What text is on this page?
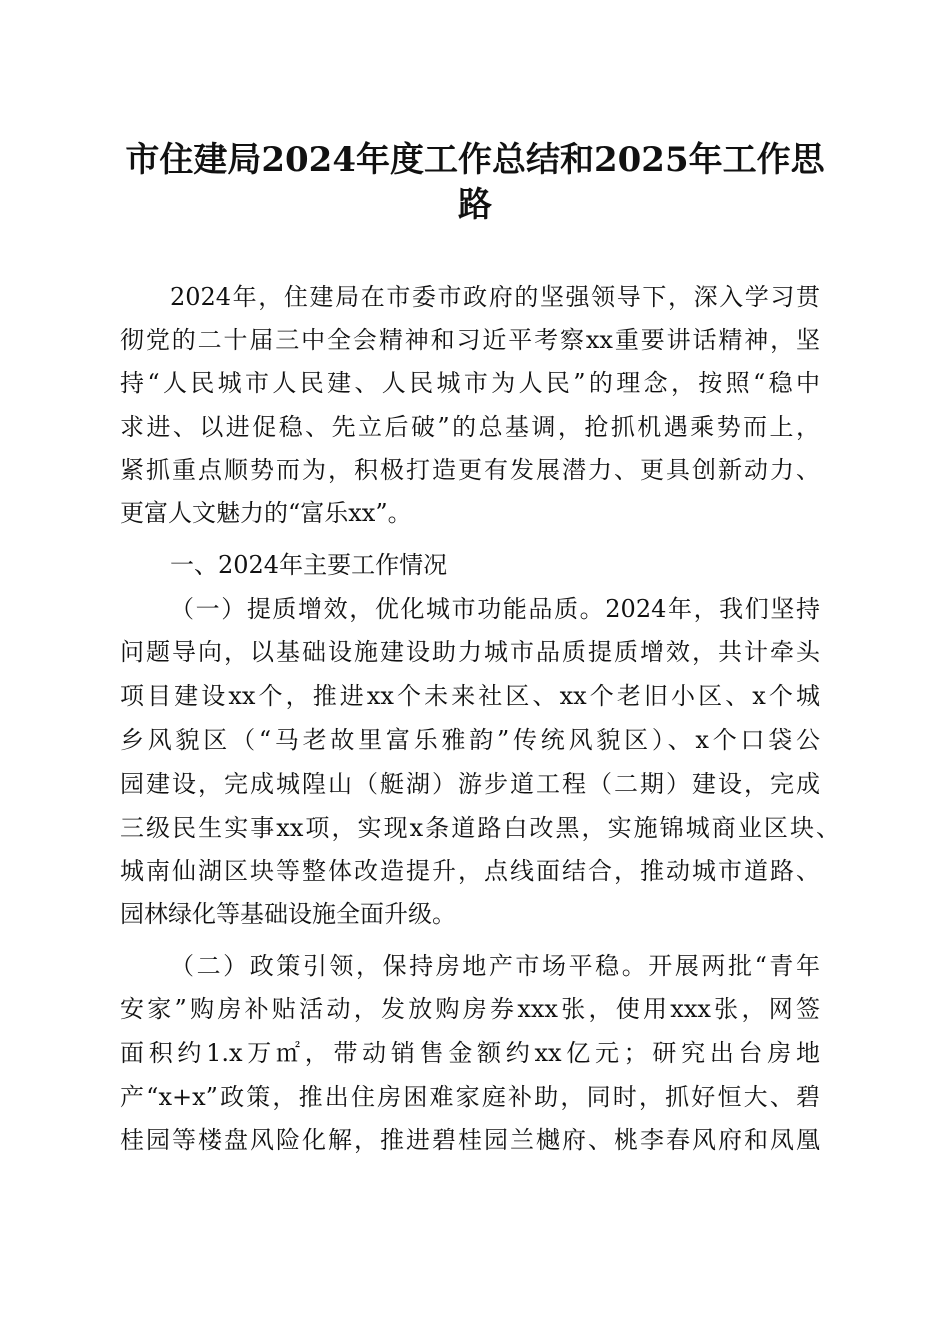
市住建局2024年度工作总结和2025年工作思
路
2024年，住建局在市委市政府的坚强领导下，深入学习贯
彻党的二十届三中全会精神和习近平考察xx重要讲话精神，坚
持“人民城市人民建、人民城市为人民”的理念，按照“稳中
求进、以进促稳、先立后破”的总基调，抢抓机遇乘势而上，
紧抓重点顺势而为，积极打造更有发展潜力、更具创新动力、
更富人文魅力的“富乐xx”。
一、2024年主要工作情况
（一）提质增效，优化城市功能品质。2024年，我们坚持
问题导向，以基础设施建设助力城市品质提质增效，共计牵头
项目建设xx个，推进xx个未来社区、xx个老旧小区、x个城
乡风貌区（“马老故里富乐雅韵”传统风貌区）、x个口袋公
园建设，完成城隍山（艇湖）游步道工程（二期）建设，完成
三级民生实事xx项，实现x条道路白改黑，实施锦城商业区块、
城南仙湖区块等整体改造提升，点线面结合，推动城市道路、
园林绿化等基础设施全面升级。
（二）政策引领，保持房地产市场平稳。开展两批“青年
安家”购房补贴活动，发放购房券xxx张，使用xxx张，网签
面积约1.x万㎡，带动销售金额约xx亿元；研究出台房地
产“x+x”政策，推出住房困难家庭补助，同时，抓好恒大、碧
桂园等楼盘风险化解，推进碧桂园兰樾府、桃李春风府和凤凰
